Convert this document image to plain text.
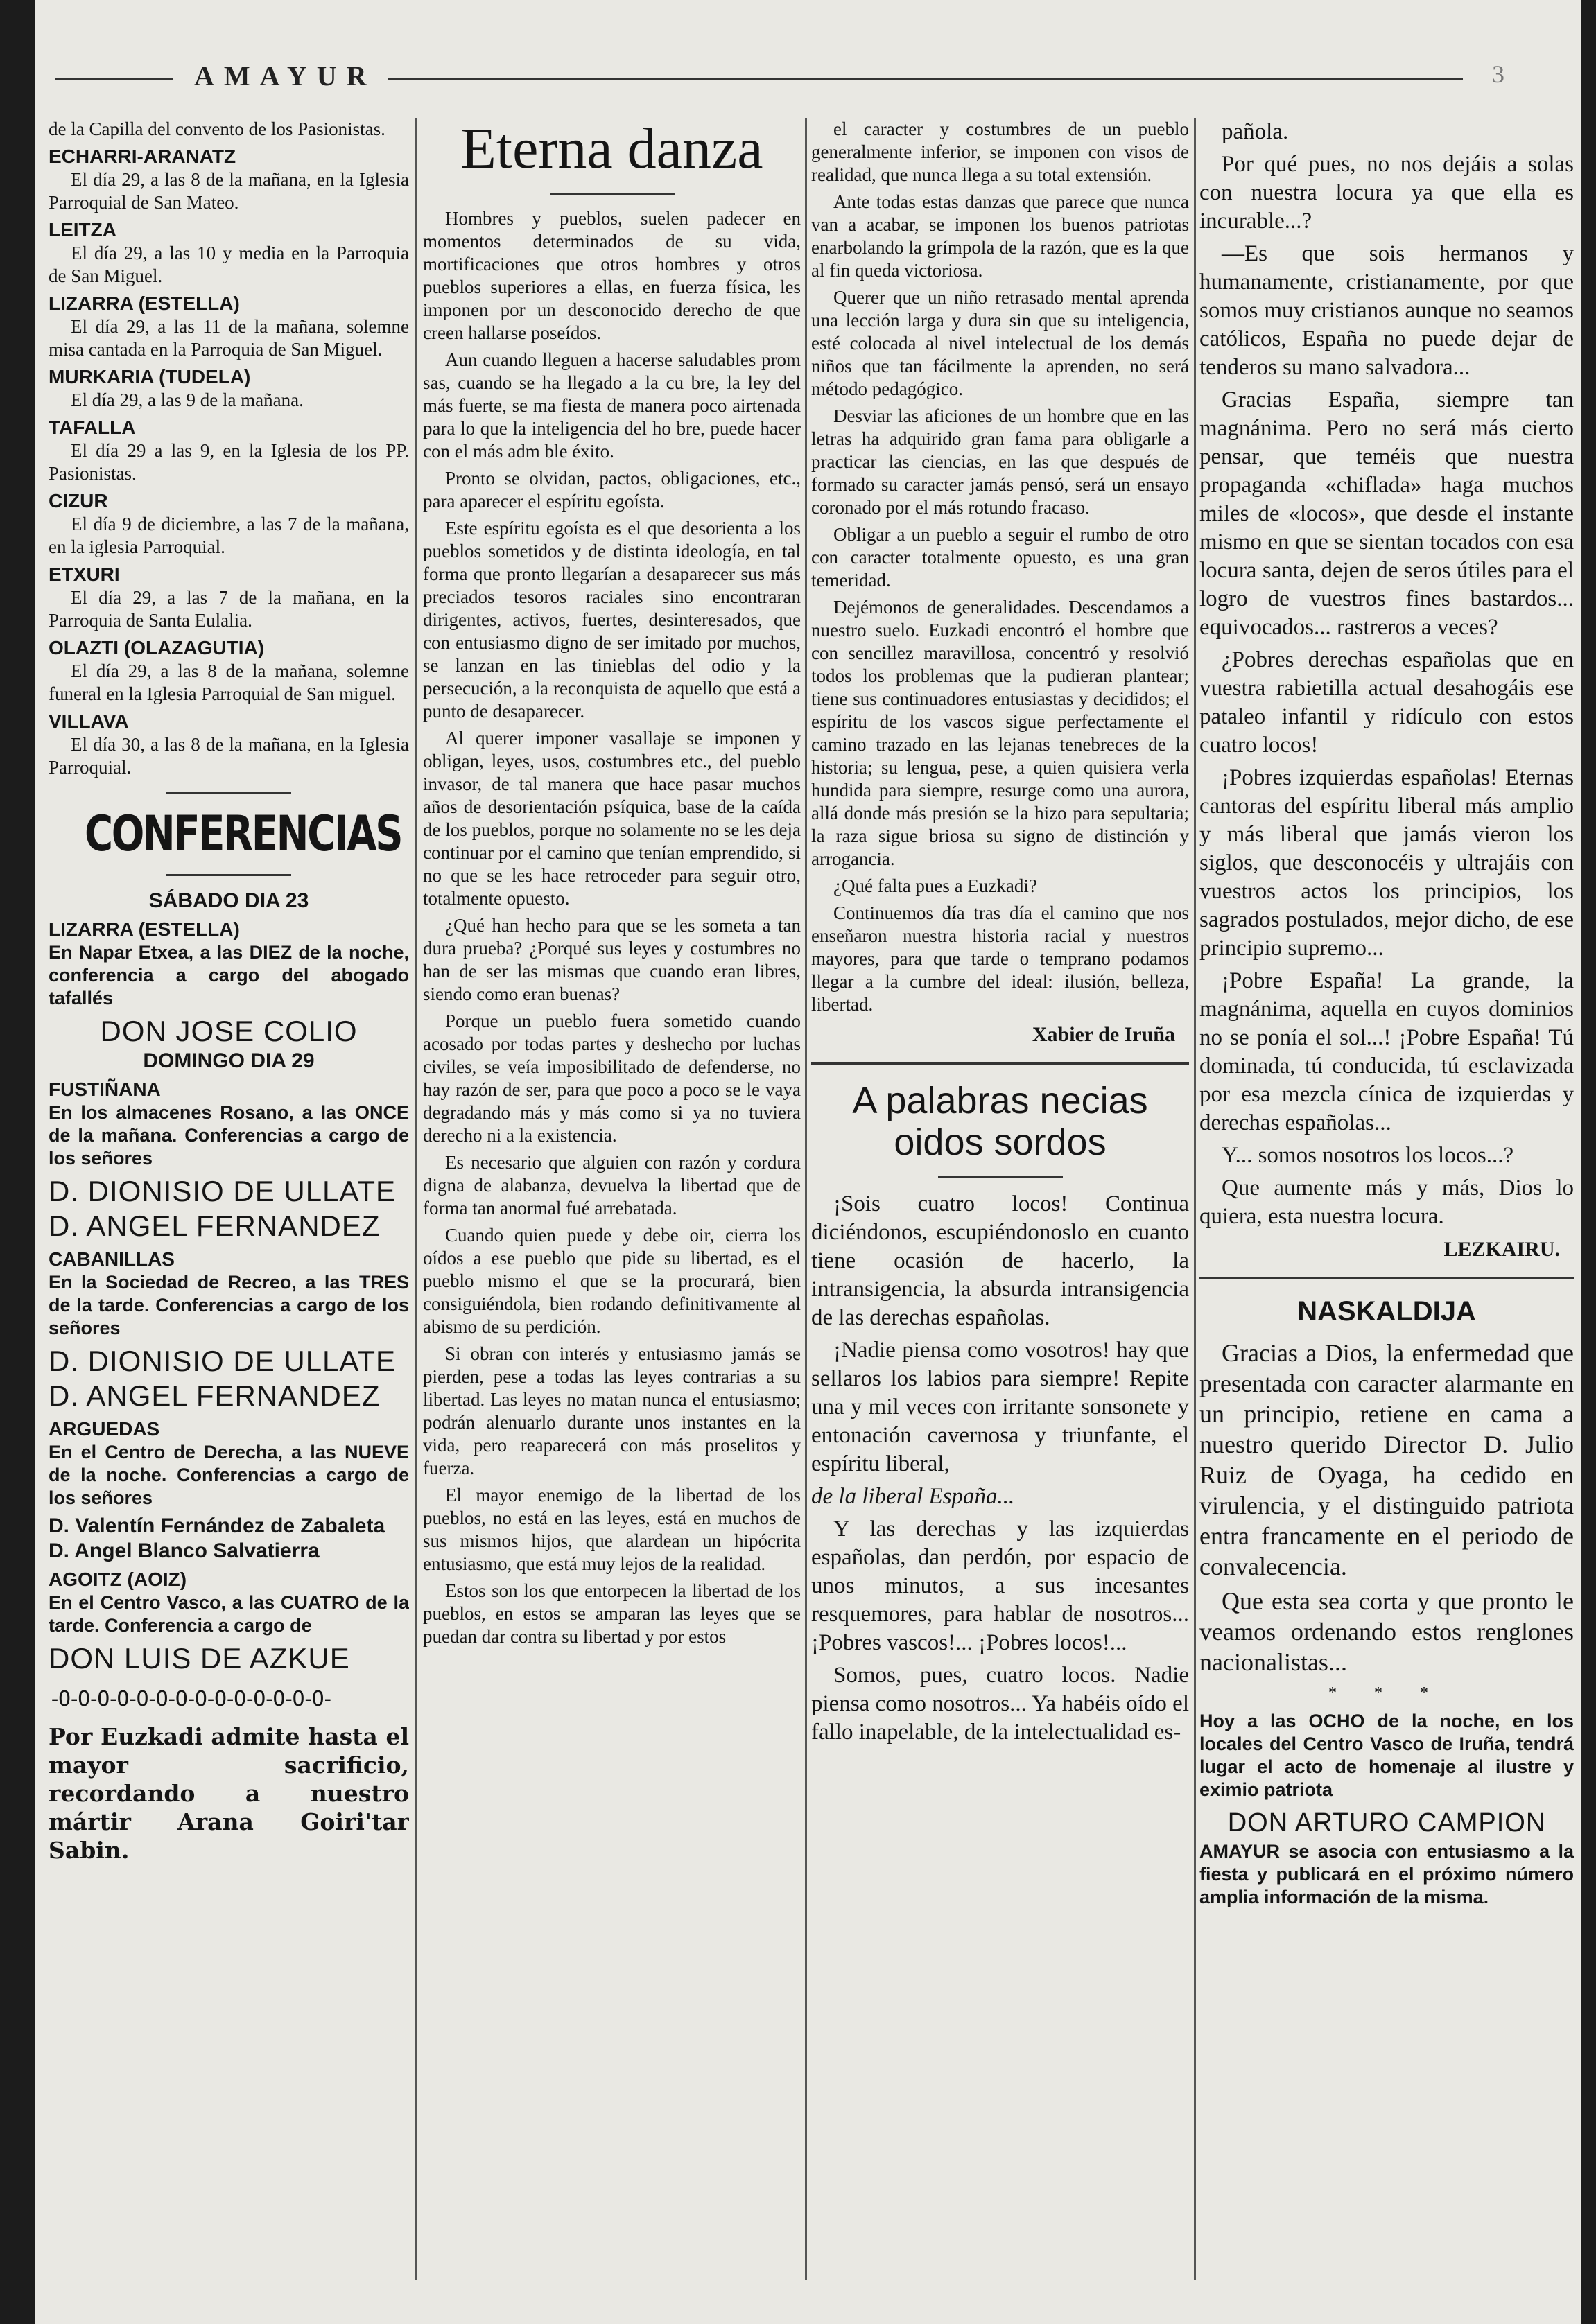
AMAYUR	3

de la Capilla del convento de los Pasionistas.

ECHARRI-ARANATZ

El día 29, a las 8 de la mañana, en la Iglesia Parroquial de San Mateo.

LEITZA

El día 29, a las 10 y media en la Parroquia de San Miguel.

LIZARRA (ESTELLA)

El día 29, a las 11 de la mañana, solemne misa cantada en la Parroquia de San Miguel.

MURKARIA (TUDELA)

El día 29, a las 9 de la mañana.

TAFALLA

El día 29 a las 9, en la Iglesia de los PP. Pasionistas.

CIZUR

El día 9 de diciembre, a las 7 de la mañana, en la iglesia Parroquial.

ETXURI

El día 29, a las 7 de la mañana, en la Parroquia de Santa Eulalia.

OLAZTI (OLAZAGUTIA)

El día 29, a las 8 de la mañana, solemne funeral en la Iglesia Parroquial de San miguel.

VILLAVA

El día 30, a las 8 de la mañana, en la Iglesia Parroquial.

CONFERENCIAS
SÁBADO DIA 23
LIZARRA (ESTELLA)

En Napar Etxea, a las DIEZ de la noche, conferencia a cargo del abogado tafallés

DON JOSE COLIO
DOMINGO DIA 29
FUSTIÑANA

En los almacenes Rosano, a las ONCE de la mañana. Conferencias a cargo de los señores

D. DIONISIO DE ULLATE
D. ANGEL FERNANDEZ
CABANILLAS

En la Sociedad de Recreo, a las TRES de la tarde. Conferencias a cargo de los señores

D. DIONISIO DE ULLATE
D. ANGEL FERNANDEZ
ARGUEDAS

En el Centro de Derecha, a las NUEVE de la noche. Conferencias a cargo de los señores

D. Valentín Fernández de Zabaleta
D. Angel Blanco Salvatierra
AGOITZ (AOIZ)

En el Centro Vasco, a las CUATRO de la tarde. Conferencia a cargo de

DON LUIS DE AZKUE
-O-O-O-O-O-O-O-O-O-O-O-O-O-O-

Por Euzkadi admite hasta el mayor sacrificio, recordando a nuestro mártir Arana Goiri'tar Sabin.

Eterna danza

Hombres y pueblos, suelen padecer en momentos determinados de su vida, mortificaciones que otros hombres y otros pueblos superiores a ellas, en fuerza física, les imponen por un desconocido derecho de que creen hallarse poseídos.

Aun cuando lleguen a hacerse saludables prom sas, cuando se ha llegado a la cu bre, la ley del más fuerte, se ma fiesta de manera poco airtenada para lo que la inteligencia del ho bre, puede hacer con el más adm ble éxito.

Pronto se olvidan, pactos, obligaciones, etc., para aparecer el espíritu egoísta.

Este espíritu egoísta es el que desorienta a los pueblos sometidos y de distinta ideología, en tal forma que pronto llegarían a desaparecer sus más preciados tesoros raciales sino encontraran dirigentes, activos, fuertes, desinteresados, que con entusiasmo digno de ser imitado por muchos, se lanzan en las tinieblas del odio y la persecución, a la reconquista de aquello que está a punto de desaparecer.

Al querer imponer vasallaje se imponen y obligan, leyes, usos, costumbres etc., del pueblo invasor, de tal manera que hace pasar muchos años de desorientación psíquica, base de la caída de los pueblos, porque no solamente no se les deja continuar por el camino que tenían emprendido, si no que se les hace retroceder para seguir otro, totalmente opuesto.

¿Qué han hecho para que se les someta a tan dura prueba? ¿Porqué sus leyes y costumbres no han de ser las mismas que cuando eran libres, siendo como eran buenas?

Porque un pueblo fuera sometido cuando acosado por todas partes y deshecho por luchas civiles, se veía imposibilitado de defenderse, no hay razón de ser, para que poco a poco se le vaya degradando más y más como si ya no tuviera derecho ni a la existencia.

Es necesario que alguien con razón y cordura digna de alabanza, devuelva la libertad que de forma tan anormal fué arrebatada.

Cuando quien puede y debe oir, cierra los oídos a ese pueblo que pide su libertad, es el pueblo mismo el que se la procurará, bien consiguiéndola, bien rodando definitivamente al abismo de su perdición.

Si obran con interés y entusiasmo jamás se pierden, pese a todas las leyes contrarias a su libertad. Las leyes no matan nunca el entusiasmo; podrán alenuarlo durante unos instantes en la vida, pero reaparecerá con más proselitos y fuerza.

El mayor enemigo de la libertad de los pueblos, no está en las leyes, está en muchos de sus mismos hijos, que alardean un hipócrita entusiasmo, que está muy lejos de la realidad.

Estos son los que entorpecen la libertad de los pueblos, en estos se amparan las leyes que se puedan dar contra su libertad y por estos

el caracter y costumbres de un pueblo generalmente inferior, se imponen con visos de realidad, que nunca llega a su total extensión.

Ante todas estas danzas que parece que nunca van a acabar, se imponen los buenos patriotas enarbolando la grímpola de la razón, que es la que al fin queda victoriosa.

Querer que un niño retrasado mental aprenda una lección larga y dura sin que su inteligencia, esté colocada al nivel intelectual de los demás niños que tan fácilmente la aprenden, no será método pedagógico.

Desviar las aficiones de un hombre que en las letras ha adquirido gran fama para obligarle a practicar las ciencias, en las que después de formado su caracter jamás pensó, será un ensayo coronado por el más rotundo fracaso.

Obligar a un pueblo a seguir el rumbo de otro con caracter totalmente opuesto, es una gran temeridad.

Dejémonos de generalidades. Descendamos a nuestro suelo. Euzkadi encontró el hombre que con sencillez maravillosa, concentró y resolvió todos los problemas que la pudieran plantear; tiene sus continuadores entusiastas y decididos; el espíritu de los vascos sigue perfectamente el camino trazado en las lejanas tenebreces de la historia; su lengua, pese, a quien quisiera verla hundida para siempre, resurge como una aurora, allá donde más presión se la hizo para sepultaria; la raza sigue briosa su signo de distinción y arrogancia.

¿Qué falta pues a Euzkadi?

Continuemos día tras día el camino que nos enseñaron nuestra historia racial y nuestros mayores, para que tarde o temprano podamos llegar a la cumbre del ideal: ilusión, belleza, libertad.

Xabier de Iruña
A palabras necias oidos sordos

¡Sois cuatro locos! Continua diciéndonos, escupiéndonoslo en cuanto tiene ocasión de hacerlo, la intransigencia, la absurda intransigencia de las derechas españolas.

¡Nadie piensa como vosotros! hay que sellaros los labios para siempre! Repite una y mil veces con irritante sonsonete y entonación cavernosa y triunfante, el espíritu liberal,

de la liberal España...

Y las derechas y las izquierdas españolas, dan perdón, por espacio de unos minutos, a sus incesantes resquemores, para hablar de nosotros... ¡Pobres vascos!... ¡Pobres locos!...

Somos, pues, cuatro locos. Nadie piensa como nosotros... Ya habéis oído el fallo inapelable, de la intelectualidad es-

pañola.

Por qué pues, no nos dejáis a solas con nuestra locura ya que ella es incurable...?

—Es que sois hermanos y humanamente, cristianamente, por que somos muy cristianos aunque no seamos católicos, España no puede dejar de tenderos su mano salvadora...

Gracias España, siempre tan magnánima. Pero no será más cierto pensar, que teméis que nuestra propaganda «chiflada» haga muchos miles de «locos», que desde el instante mismo en que se sientan tocados con esa locura santa, dejen de seros útiles para el logro de vuestros fines bastardos... equivocados... rastreros a veces?

¿Pobres derechas españolas que en vuestra rabietilla actual desahogáis ese pataleo infantil y ridículo con estos cuatro locos!

¡Pobres izquierdas españolas! Eternas cantoras del espíritu liberal más amplio y más liberal que jamás vieron los siglos, que desconocéis y ultrajáis con vuestros actos los principios, los sagrados postulados, mejor dicho, de ese principio supremo...

¡Pobre España! La grande, la magnánima, aquella en cuyos dominios no se ponía el sol...! ¡Pobre España! Tú dominada, tú conducida, tú esclavizada por esa mezcla cínica de izquierdas y derechas españolas...

Y... somos nosotros los locos...?

Que aumente más y más, Dios lo quiera, esta nuestra locura.

LEZKAIRU.
NASKALDIJA

Gracias a Dios, la enfermedad que presentada con caracter alarmante en un principio, retiene en cama a nuestro querido Director D. Julio Ruiz de Oyaga, ha cedido en virulencia, y el distinguido patriota entra francamente en el periodo de convalecencia.

Que esta sea corta y que pronto le veamos ordenando estos renglones nacionalistas...

* * *

Hoy a las OCHO de la noche, en los locales del Centro Vasco de Iruña, tendrá lugar el acto de homenaje al ilustre y eximio patriota

DON ARTURO CAMPION

AMAYUR se asocia con entusiasmo a la fiesta y publicará en el próximo número amplia información de la misma.
